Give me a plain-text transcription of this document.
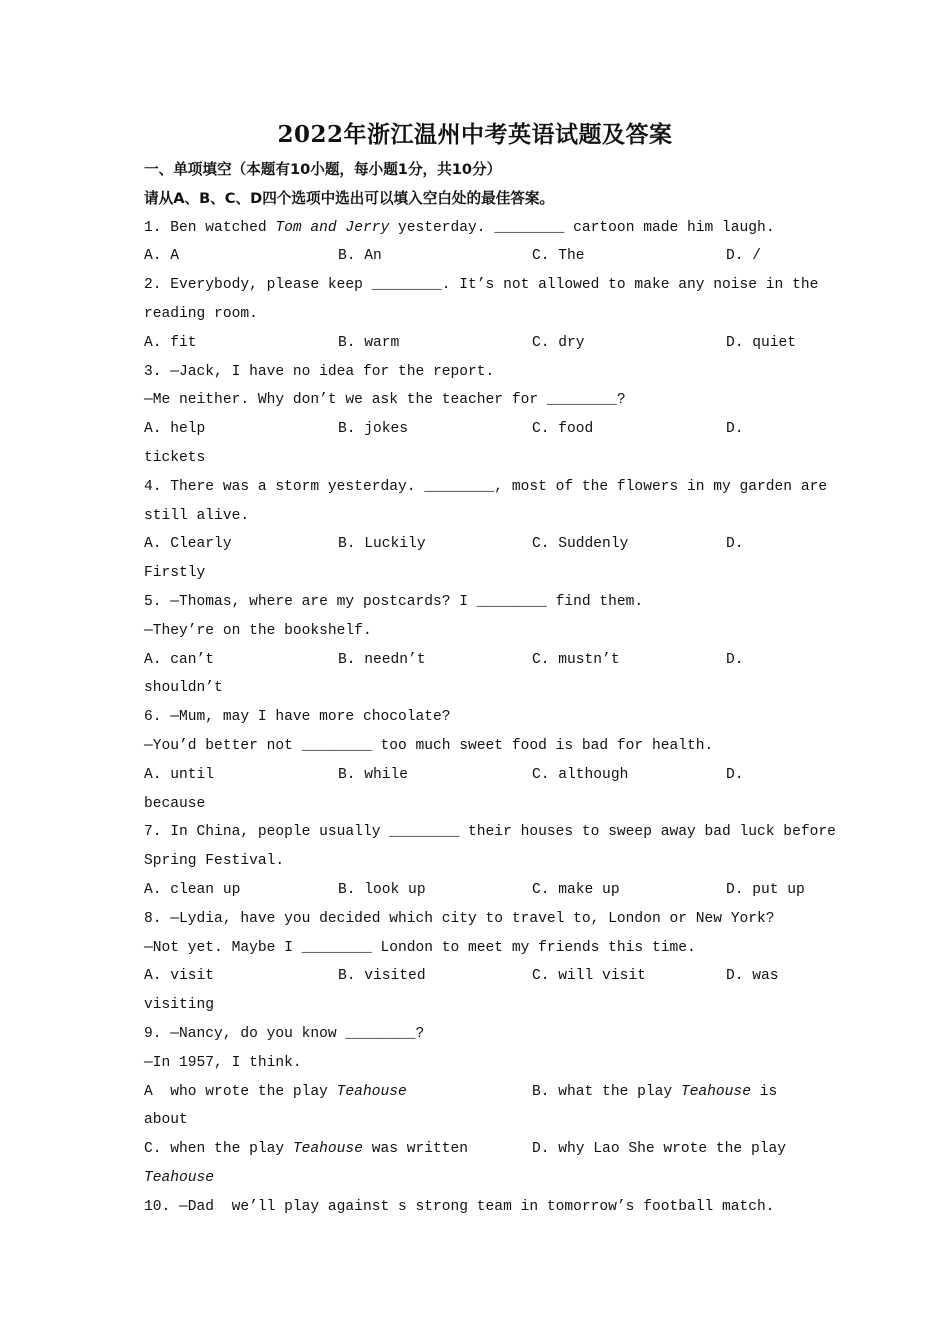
2022年浙江温州中考英语试题及答案
一、单项填空（本题有10小题，每小题1分，共10分）
请从A、B、C、D四个选项中选出可以填入空白处的最佳答案。
1. Ben watched Tom and Jerry yesterday. ________ cartoon made him laugh.
A. A	B. An	C. The	D. /
2. Everybody, please keep ________. It’s not allowed to make any noise in the
reading room.
A. fit	B. warm	C. dry	D. quiet
3. —Jack, I have no idea for the report.
—Me neither. Why don’t we ask the teacher for ________?
A. help	B. jokes	C. food	D.
tickets
4. There was a storm yesterday. ________, most of the flowers in my garden are
still alive.
A. Clearly	B. Luckily	C. Suddenly	D.
Firstly
5. —Thomas, where are my postcards? I ________ find them.
—They’re on the bookshelf.
A. can’t	B. needn’t	C. mustn’t	D.
shouldn’t
6. —Mum, may I have more chocolate?
—You’d better not ________ too much sweet food is bad for health.
A. until	B. while	C. although	D.
because
7. In China, people usually ________ their houses to sweep away bad luck before
Spring Festival.
A. clean up	B. look up	C. make up	D. put up
8. —Lydia, have you decided which city to travel to, London or New York?
—Not yet. Maybe I ________ London to meet my friends this time.
A. visit	B. visited	C. will visit	D. was
visiting
9. —Nancy, do you know ________?
—In 1957, I think.
A  who wrote the play Teahouse	B. what the play Teahouse is
about
C. when the play Teahouse was written	D. why Lao She wrote the play
Teahouse
10. —Dad  we’ll play against s strong team in tomorrow’s football match.
